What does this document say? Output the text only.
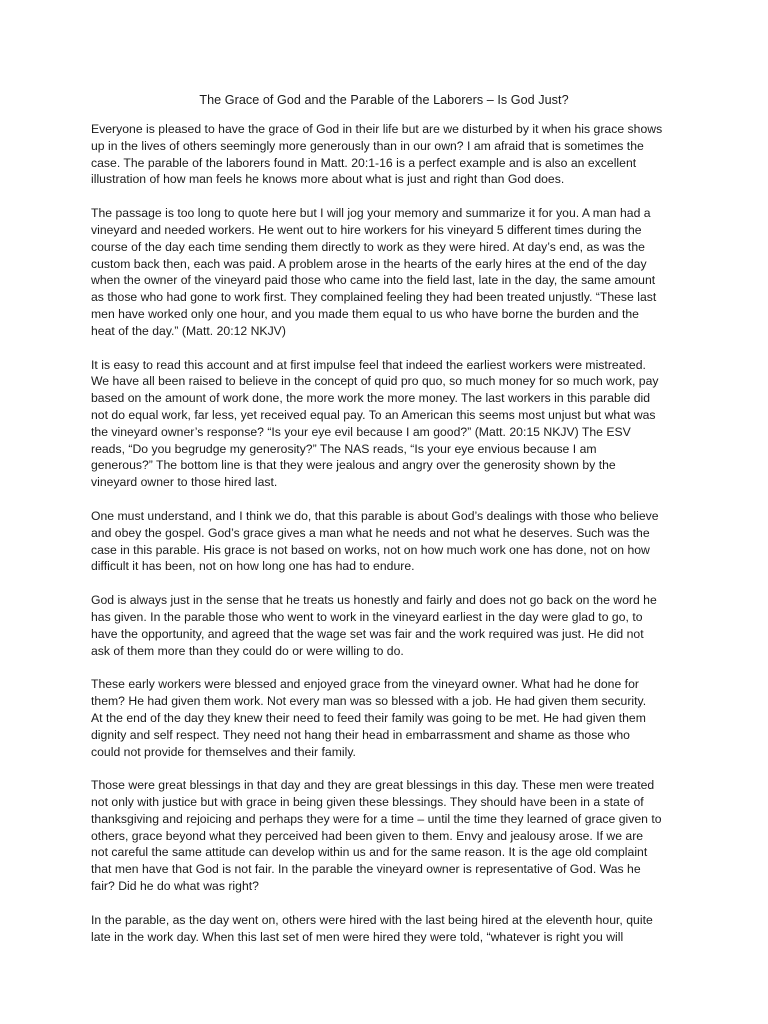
The Grace of God and the Parable of the Laborers – Is God Just?
Everyone is pleased to have the grace of God in their life but are we disturbed by it when his grace shows
up in the lives of others seemingly more generously than in our own? I am afraid that is sometimes the
case. The parable of the laborers found in Matt. 20:1-16 is a perfect example and is also an excellent
illustration of how man feels he knows more about what is just and right than God does.
The passage is too long to quote here but I will jog your memory and summarize it for you. A man had a
vineyard and needed workers. He went out to hire workers for his vineyard 5 different times during the
course of the day each time sending them directly to work as they were hired. At day’s end, as was the
custom back then, each was paid. A problem arose in the hearts of the early hires at the end of the day
when the owner of the vineyard paid those who came into the field last, late in the day, the same amount
as those who had gone to work first. They complained feeling they had been treated unjustly. “These last
men have worked only one hour, and you made them equal to us who have borne the burden and the
heat of the day.” (Matt. 20:12 NKJV)
It is easy to read this account and at first impulse feel that indeed the earliest workers were mistreated.
We have all been raised to believe in the concept of quid pro quo, so much money for so much work, pay
based on the amount of work done, the more work the more money. The last workers in this parable did
not do equal work, far less, yet received equal pay. To an American this seems most unjust but what was
the vineyard owner’s response? “Is your eye evil because I am good?” (Matt. 20:15 NKJV) The ESV
reads, “Do you begrudge my generosity?” The NAS reads, “Is your eye envious because I am
generous?” The bottom line is that they were jealous and angry over the generosity shown by the
vineyard owner to those hired last.
One must understand, and I think we do, that this parable is about God’s dealings with those who believe
and obey the gospel. God’s grace gives a man what he needs and not what he deserves. Such was the
case in this parable. His grace is not based on works, not on how much work one has done, not on how
difficult it has been, not on how long one has had to endure.
God is always just in the sense that he treats us honestly and fairly and does not go back on the word he
has given. In the parable those who went to work in the vineyard earliest in the day were glad to go, to
have the opportunity, and agreed that the wage set was fair and the work required was just. He did not
ask of them more than they could do or were willing to do.
These early workers were blessed and enjoyed grace from the vineyard owner. What had he done for
them? He had given them work. Not every man was so blessed with a job. He had given them security.
At the end of the day they knew their need to feed their family was going to be met. He had given them
dignity and self respect. They need not hang their head in embarrassment and shame as those who
could not provide for themselves and their family.
Those were great blessings in that day and they are great blessings in this day. These men were treated
not only with justice but with grace in being given these blessings. They should have been in a state of
thanksgiving and rejoicing and perhaps they were for a time – until the time they learned of grace given to
others, grace beyond what they perceived had been given to them. Envy and jealousy arose. If we are
not careful the same attitude can develop within us and for the same reason. It is the age old complaint
that men have that God is not fair. In the parable the vineyard owner is representative of God. Was he
fair? Did he do what was right?
In the parable, as the day went on, others were hired with the last being hired at the eleventh hour, quite
late in the work day. When this last set of men were hired they were told, “whatever is right you will
